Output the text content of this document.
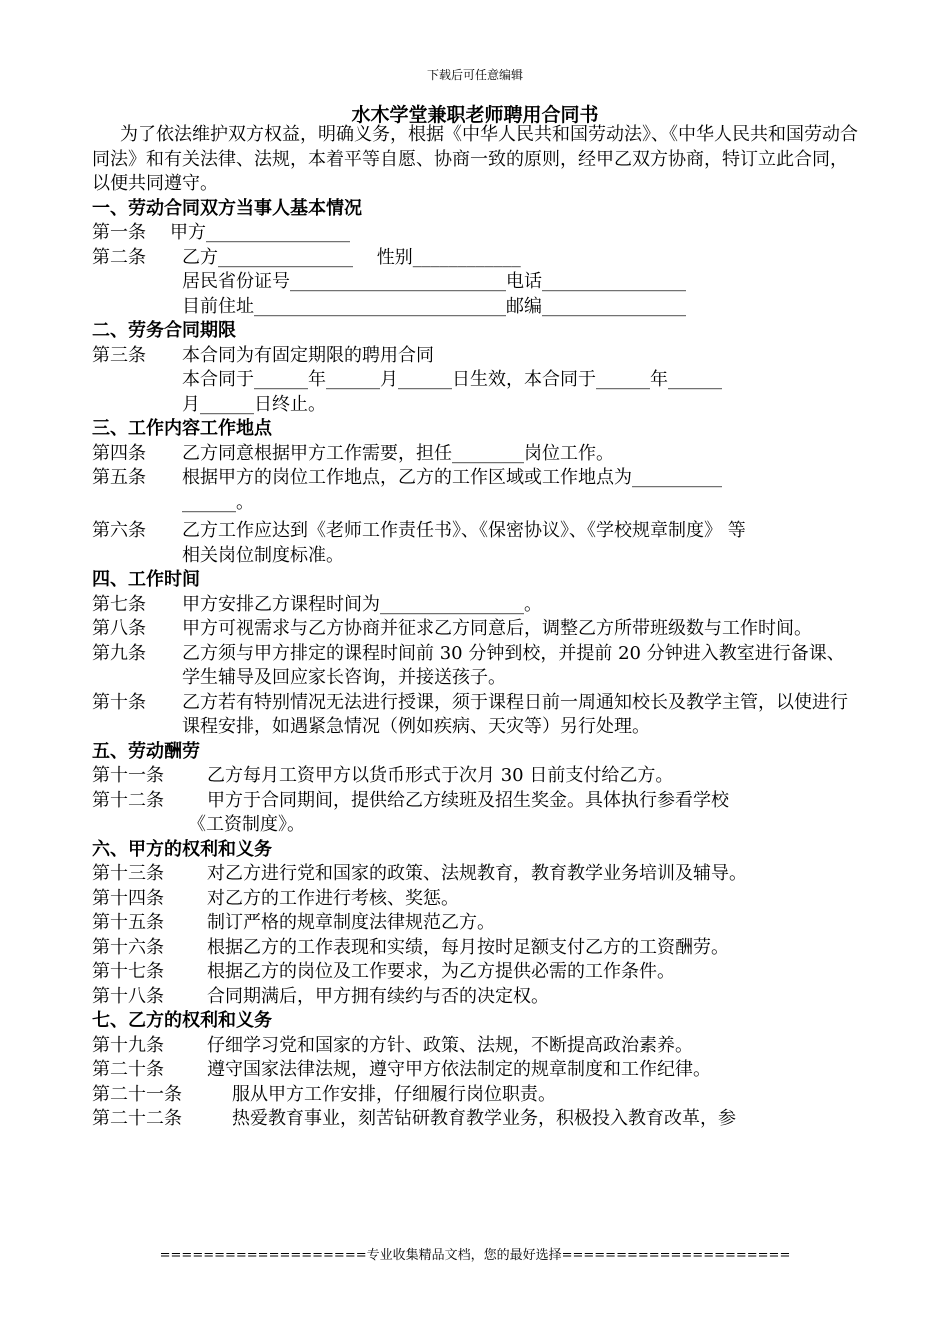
下载后可任意编辑
水木学堂兼职老师聘用合同书

为了依法维护双方权益，明确义务，根据《中华人民共和国劳动法》、《中华人民共和国劳动合同法》和有关法律、法规，本着平等自愿、协商一致的原则，经甲乙双方协商，特订立此合同，以便共同遵守。

一、劳动合同双方当事人基本情况

第一条	甲方________________
第二条	乙方_______________　 性别____________

居民省份证号________________________电话________________

目前住址____________________________邮编________________

二、劳务合同期限

第三条	本合同为有固定期限的聘用合同

本合同于______年______月______日生效，本合同于______年______

月______日终止。

三、工作内容工作地点

第四条	乙方同意根据甲方工作需要，担任________岗位工作。
第五条	根据甲方的岗位工作地点，乙方的工作区域或工作地点为__________

______。

第六条	乙方工作应达到《老师工作责任书》、《保密协议》、《学校规章制度》 等

相关岗位制度标准。

四、工作时间

第七条	甲方安排乙方课程时间为________________。
第八条	甲方可视需求与乙方协商并征求乙方同意后，调整乙方所带班级数与工作时间。
第九条	乙方须与甲方排定的课程时间前 30 分钟到校，并提前 20 分钟进入教室进行备课、学生辅导及回应家长咨询，并接送孩子。
第十条	乙方若有特别情况无法进行授课，须于课程日前一周通知校长及教学主管，以使进行课程安排，如遇紧急情况（例如疾病、天灾等）另行处理。

五、劳动酬劳

第十一条	乙方每月工资甲方以货币形式于次月 30 日前支付给乙方。
第十二条	甲方于合同期间，提供给乙方续班及招生奖金。具体执行参看学校

《工资制度》。

六、甲方的权利和义务

第十三条	对乙方进行党和国家的政策、法规教育，教育教学业务培训及辅导。
第十四条	对乙方的工作进行考核、奖惩。
第十五条	制订严格的规章制度法律规范乙方。
第十六条	根据乙方的工作表现和实绩，每月按时足额支付乙方的工资酬劳。
第十七条	根据乙方的岗位及工作要求，为乙方提供必需的工作条件。
第十八条	合同期满后，甲方拥有续约与否的决定权。

七、乙方的权利和义务

第十九条	仔细学习党和国家的方针、政策、法规，不断提高政治素养。
第二十条	遵守国家法律法规，遵守甲方依法制定的规章制度和工作纪律。
第二十一条	服从甲方工作安排，仔细履行岗位职责。
第二十二条	热爱教育事业，刻苦钻研教育教学业务，积极投入教育改革，参
===================专业收集精品文档，您的最好选择=====================
